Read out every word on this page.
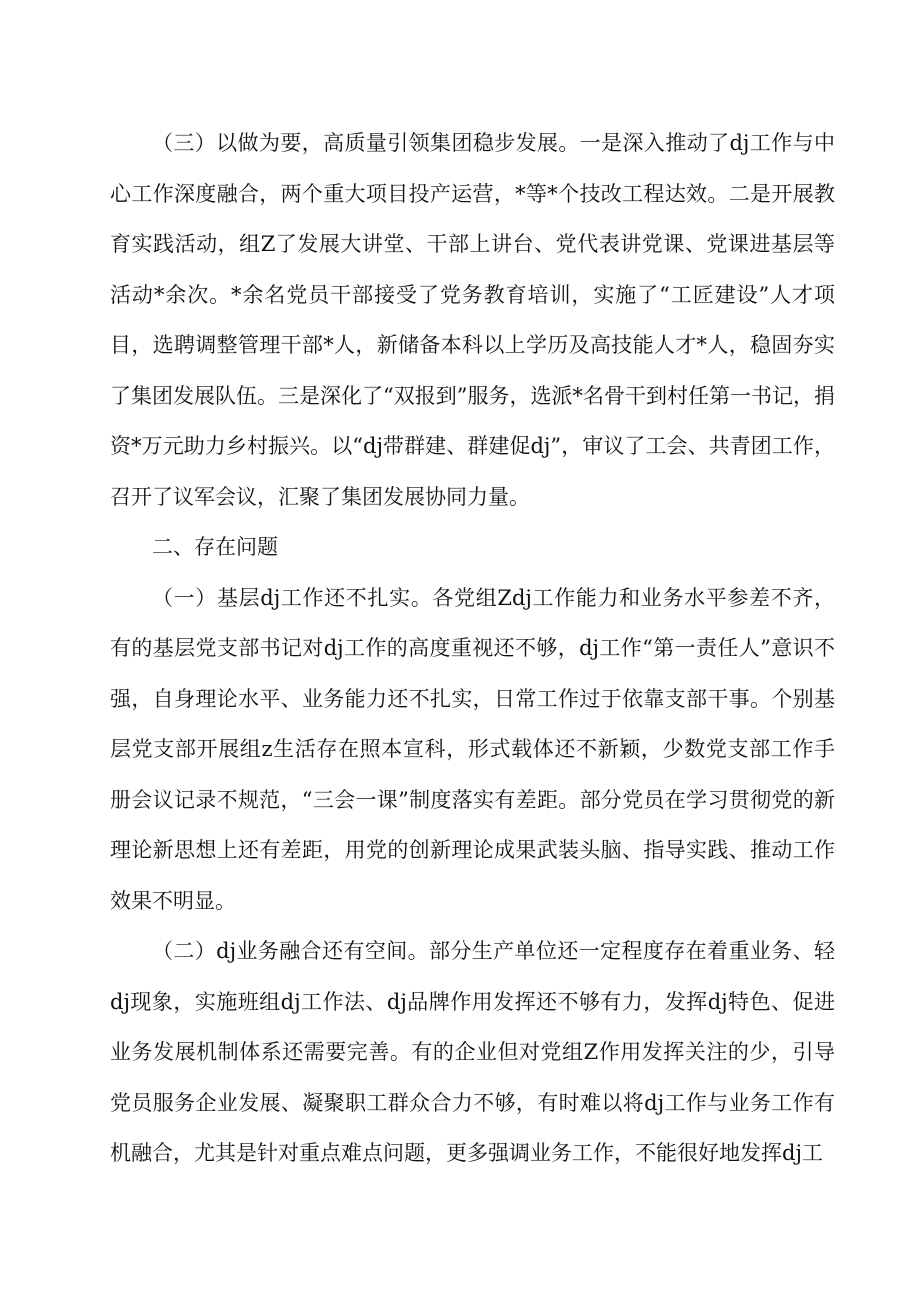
（三）以做为要，高质量引领集团稳步发展。一是深入推动了dj工作与中心工作深度融合，两个重大项目投产运营，*等*个技改工程达效。二是开展教育实践活动，组Z了发展大讲堂、干部上讲台、党代表讲党课、党课进基层等活动*余次。*余名党员干部接受了党务教育培训，实施了“工匠建设”人才项目，选聘调整管理干部*人，新储备本科以上学历及高技能人才*人，稳固夯实了集团发展队伍。三是深化了“双报到”服务，选派*名骨干到村任第一书记，捐资*万元助力乡村振兴。以“dj带群建、群建促dj”，审议了工会、共青团工作，召开了议军会议，汇聚了集团发展协同力量。

二、存在问题

（一）基层dj工作还不扎实。各党组Zdj工作能力和业务水平参差不齐，有的基层党支部书记对dj工作的高度重视还不够，dj工作“第一责任人”意识不强，自身理论水平、业务能力还不扎实，日常工作过于依靠支部干事。个别基层党支部开展组z生活存在照本宣科，形式载体还不新颖，少数党支部工作手册会议记录不规范，“三会一课”制度落实有差距。部分党员在学习贯彻党的新理论新思想上还有差距，用党的创新理论成果武装头脑、指导实践、推动工作效果不明显。

（二）dj业务融合还有空间。部分生产单位还一定程度存在着重业务、轻dj现象，实施班组dj工作法、dj品牌作用发挥还不够有力，发挥dj特色、促进业务发展机制体系还需要完善。有的企业但对党组Z作用发挥关注的少，引导党员服务企业发展、凝聚职工群众合力不够，有时难以将dj工作与业务工作有机融合，尤其是针对重点难点问题，更多强调业务工作，不能很好地发挥dj工
